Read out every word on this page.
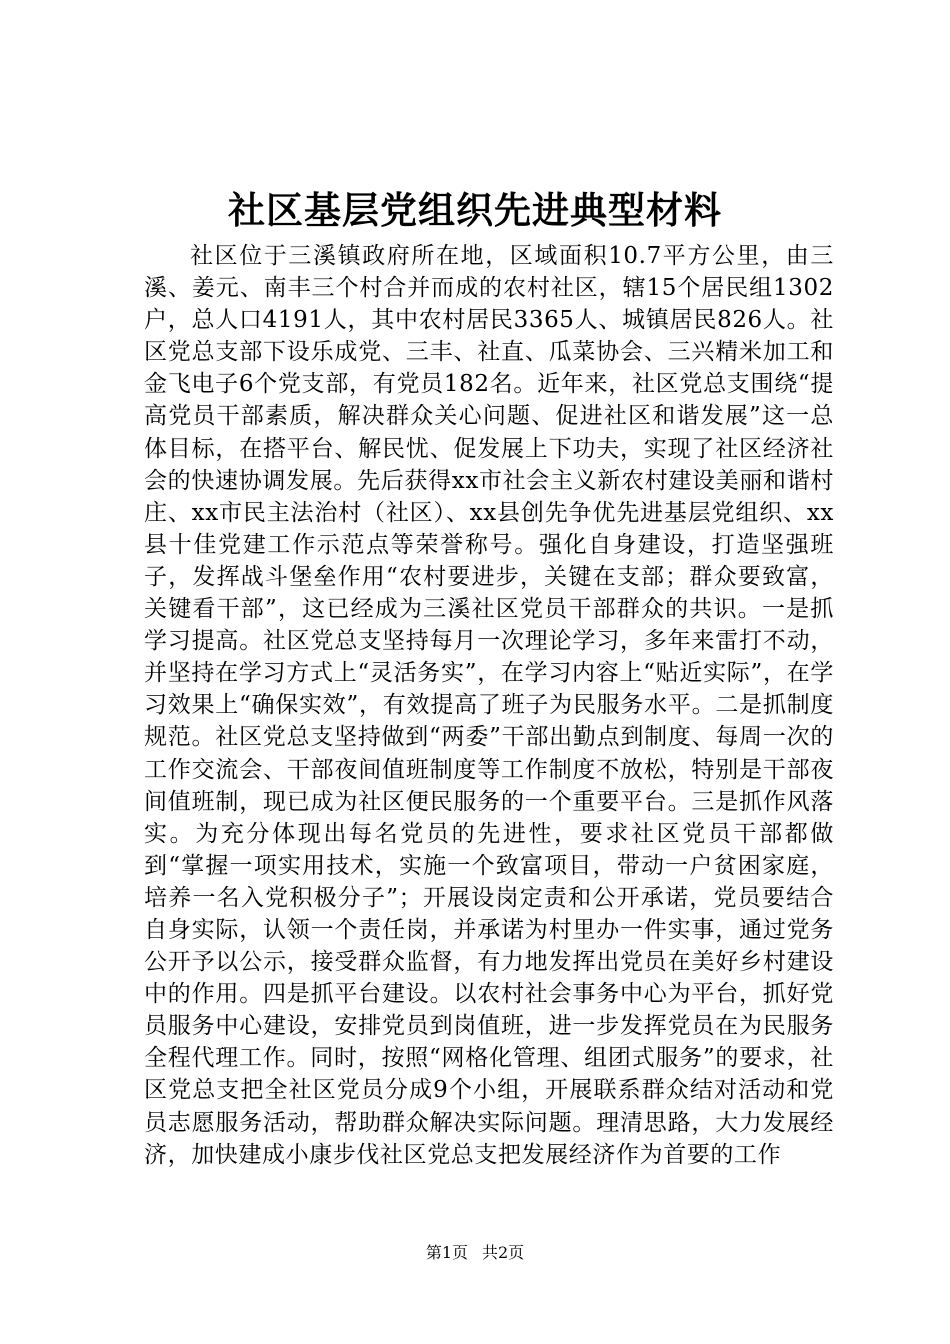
社区基层党组织先进典型材料

社区位于三溪镇政府所在地，区域面积10.7平方公里，由三溪、姜元、南丰三个村合并而成的农村社区，辖15个居民组1302户，总人口4191人，其中农村居民3365人、城镇居民826人。社区党总支部下设乐成党、三丰、社直、瓜菜协会、三兴精米加工和金飞电子6个党支部，有党员182名。近年来，社区党总支围绕“提高党员干部素质，解决群众关心问题、促进社区和谐发展”这一总体目标，在搭平台、解民忧、促发展上下功夫，实现了社区经济社会的快速协调发展。先后获得xx市社会主义新农村建设美丽和谐村庄、xx市民主法治村（社区）、xx县创先争优先进基层党组织、xx县十佳党建工作示范点等荣誉称号。强化自身建设，打造坚强班子，发挥战斗堡垒作用“农村要进步，关键在支部；群众要致富，关键看干部”，这已经成为三溪社区党员干部群众的共识。一是抓学习提高。社区党总支坚持每月一次理论学习，多年来雷打不动，并坚持在学习方式上“灵活务实”，在学习内容上“贴近实际”，在学习效果上“确保实效”，有效提高了班子为民服务水平。二是抓制度规范。社区党总支坚持做到“两委”干部出勤点到制度、每周一次的工作交流会、干部夜间值班制度等工作制度不放松，特别是干部夜间值班制，现已成为社区便民服务的一个重要平台。三是抓作风落实。为充分体现出每名党员的先进性，要求社区党员干部都做到“掌握一项实用技术，实施一个致富项目，带动一户贫困家庭，培养一名入党积极分子”；开展设岗定责和公开承诺，党员要结合自身实际，认领一个责任岗，并承诺为村里办一件实事，通过党务公开予以公示，接受群众监督，有力地发挥出党员在美好乡村建设中的作用。四是抓平台建设。以农村社会事务中心为平台，抓好党员服务中心建设，安排党员到岗值班，进一步发挥党员在为民服务全程代理工作。同时，按照“网格化管理、组团式服务”的要求，社区党总支把全社区党员分成9个小组，开展联系群众结对活动和党员志愿服务活动，帮助群众解决实际问题。理清思路，大力发展经济，加快建成小康步伐社区党总支把发展经济作为首要的工作

第1页 共2页
